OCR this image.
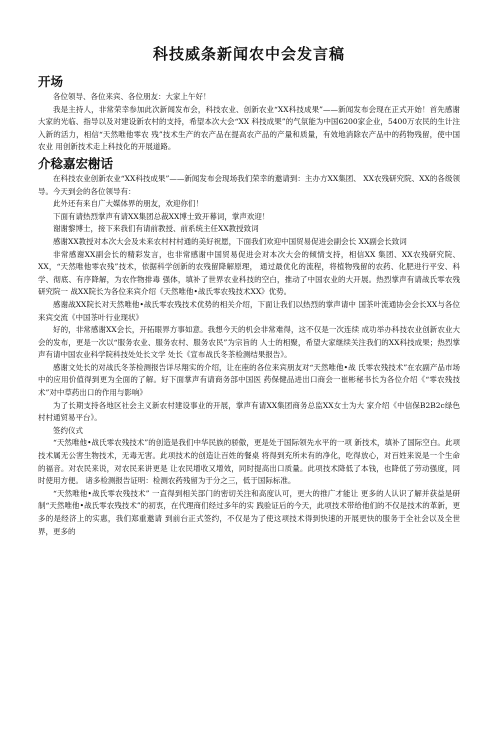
科技威条新闻农中会发言稿
开场

各位领导、各位来宾、各位朋友：大家上午好！

我是主持人，非常荣幸参加此次新闻发布会，科技农业、创新农业“XX科技成果”——新闻发布会现在正式开始！首先感谢大家的光临、指导以及对建设新农村的支持，希望本次大会“XX 科技成果”的气氛能为中国6200家企业，5400万农民的生计注入新的活力，相信“天然唯他零农 残”技术生产的农产品在提高农产品的产量和质量，有效地消除农产品中的药物残留，使中国农业 用创新技术走上科技化的开展道路。

介稔嘉宏榭话

在科技农业创新农业“XX科技成果”——新闻发布会现场我们荣幸的邀请到：主办方XX集团、 XX农残研究院、XX的各级领导。今天到会的各位领导有：

此外还有来自广大媒体界的朋友，欢迎你们！

下面有请热烈掌声有请XX集团总裁XX博士致开幕词，掌声欢迎！

谢谢黎博士，接下来我们有请前教授、前系统主任XX教授致词

感谢XX教授对本次大会及未来农村村村通的美好祝愿，下面我们欢迎中国贸易促进会副会长 XX副会长致词

非常感谢XX副会长的精彩发言，也非常感谢中国贸易促进会对本次大会的倾情支持，相信XX 集团、XX农残研究院、XX，“天然唯他零农残”技术，依据科学创新的农残留降解原理， 通过最优化的流程，将植物残留的农药、化肥进行平安、科学、彻底、有序降解，为农作物排毒 强体，填补了世界农业科技的空白，推动了中国农业的大开展。热烈掌声有请战氏零农残研究院一 战XX院长为各位来宾介绍《天然唯他•战氏零农残技术XX》优势。

感谢战XX院长对天然唯他•战氏零农残技术优势的相关介绍，下面让我们以热烈的掌声请中 国茶叶流通协会会长XX与各位来宾交流《中国茶叶行业现状》

好的，非常感谢XX会长，开拓眼界方事如意。我想今天的机会非常难得，这不仅是一次连续 成功举办科技农业创新农业大会的发布，更是一次以“服务农业、服务农村、服务农民”为宗旨的 人士的相聚，希望大家继续关注我们的XX科技成果；热烈掌声有请中国农业科学院科技处处长文学 处长《宣布战氏冬茶检测结果报告》。

感谢文处长的对战氏冬茶检测报告详尽翔实的介绍，让在座的各位来宾朋友对“天然唯他•战 氏零农残技术”在农副产品市场中的应用价值得到更为全面的了解。好下面掌声有请商务部中国医 药保健品进出口商会一崔彬秘书长为各位介绍《“零农残技术”对中草药出口的作用与影响》

为了长期支持各地区社会主义新农村建设事业的开展，掌声有请XX集团商务总监XX女士为大 家介绍《中信保B2B2c绿色村村通贸易平台》。

签约仪式

“天然唯他•战氏零农残技术”的创造是我们中华民族的骄傲，更是处于国际领先水平的一项 新技术，填补了国际空白。此项技术属无公害生物技术，无毒无害。此项技术的创造让百姓的餐桌 将得到充所未有的净化，吃得放心，对百姓来说是一个生命的福音。对农民来说，对农民来讲更是 让农民增收又增效，同时提高出口质量。此项技术降低了本钱，也降低了劳动强度，同时使用方便。 诸多检测报告证明：检测农药残留为于分之三，低于国际标准。

“天然唯他•战氏零农残技术” 一直得到相关部门的密切关注和高度认可，更大的推广才能让 更多的人认识了解并获益是研制“天然唯他•战氏零农残技术”的初衷，在代理商们经过多年的实 践验证后的今天，此项技术带给他们的不仅是技术的革新，更多的是经济上的实惠，我们郑重邀请 到前台正式签约，不仅是为了使这项技术得到快速的开展更快的服务于全社会以及全世界，更多的
